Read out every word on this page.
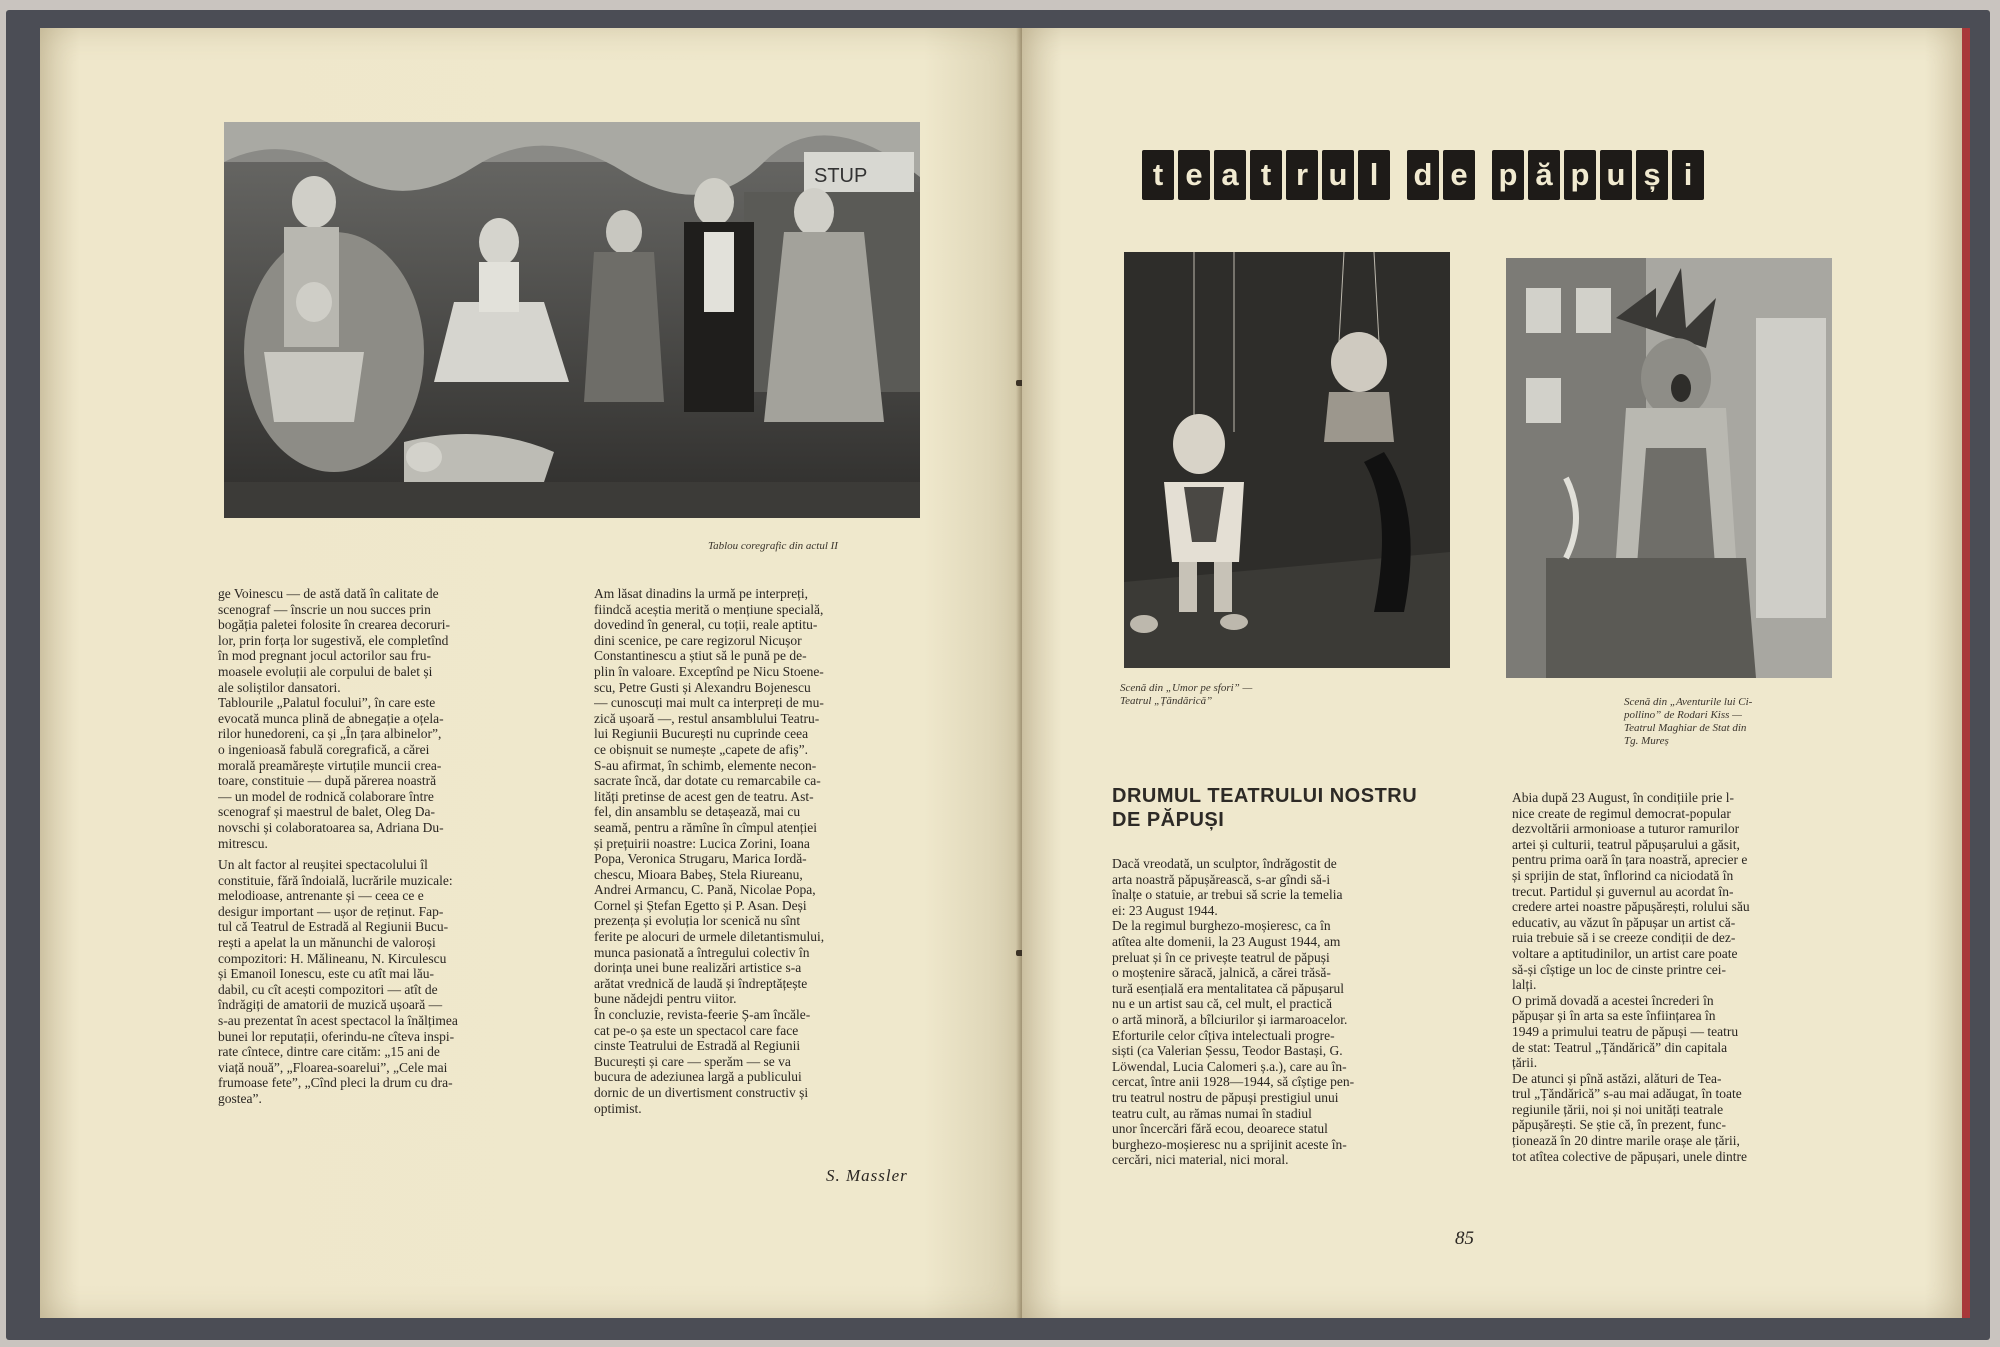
STUP

Tablou coregrafic din actul II

ge Voinescu — de astă dată în calitate de
scenograf — înscrie un nou succes prin
bogăția paletei folosite în crearea decoruri-
lor, prin forța lor sugestivă, ele completînd
în mod pregnant jocul actorilor sau fru-
moasele evoluții ale corpului de balet și
ale soliștilor dansatori.
Tablourile „Palatul focului”, în care este
evocată munca plină de abnegație a oțela-
rilor hunedoreni, ca și „În țara albinelor”,
o ingenioasă fabulă coregrafică, a cărei
morală preamărește virtuțile muncii crea-
toare, constituie — după părerea noastră
— un model de rodnică colaborare între
scenograf și maestrul de balet, Oleg Da-
novschi și colaboratoarea sa, Adriana Du-
mitrescu.
Un alt factor al reușitei spectacolului îl
constituie, fără îndoială, lucrările muzicale:
melodioase, antrenante și — ceea ce e
desigur important — ușor de reținut. Fap-
tul că Teatrul de Estradă al Regiunii Bucu-
rești a apelat la un mănunchi de valoroși
compozitori: H. Mălineanu, N. Kirculescu
și Emanoil Ionescu, este cu atît mai lău-
dabil, cu cît acești compozitori — atît de
îndrăgiți de amatorii de muzică ușoară —
s-au prezentat în acest spectacol la înălțimea
bunei lor reputații, oferindu-ne cîteva inspi-
rate cîntece, dintre care cităm: „15 ani de
viață nouă”, „Floarea-soarelui”, „Cele mai
frumoase fete”, „Cînd pleci la drum cu dra-
gostea”.
Am lăsat dinadins la urmă pe interpreți,
fiindcă aceștia merită o mențiune specială,
dovedind în general, cu toții, reale aptitu-
dini scenice, pe care regizorul Nicușor
Constantinescu a știut să le pună pe de-
plin în valoare. Exceptînd pe Nicu Stoene-
scu, Petre Gusti și Alexandru Bojenescu
— cunoscuți mai mult ca interpreți de mu-
zică ușoară —, restul ansamblului Teatru-
lui Regiunii București nu cuprinde ceea
ce obișnuit se numește „capete de afiș”.
S-au afirmat, în schimb, elemente necon-
sacrate încă, dar dotate cu remarcabile ca-
lități pretinse de acest gen de teatru. Ast-
fel, din ansamblu se detașează, mai cu
seamă, pentru a rămîne în cîmpul atenției
și prețuirii noastre: Lucica Zorini, Ioana
Popa, Veronica Strugaru, Marica Iordă-
chescu, Mioara Babeș, Stela Riureanu,
Andrei Armancu, C. Pană, Nicolae Popa,
Cornel și Ștefan Egetto și P. Asan. Deși
prezența și evoluția lor scenică nu sînt
ferite pe alocuri de urmele diletantismului,
munca pasionată a întregului colectiv în
dorința unei bune realizări artistice s-a
arătat vrednică de laudă și îndreptățește
bune nădejdi pentru viitor.
În concluzie, revista-feerie Ș-am încăle-
cat pe-o șa este un spectacol care face
cinste Teatrului de Estradă al Regiunii
București și care — sperăm — se va
bucura de adeziunea largă a publicului
dornic de un divertisment constructiv și
optimist.
S. Massler
t e a t r u l	d e p ă p u ș i

Scenă din „Umor pe sfori” —
Teatrul „Țăndărică”	Scenă din „Aventurile lui Ci-
pollino” de Rodari Kiss —
Teatrul Maghiar de Stat din
Tg. Mureș

DRUMUL TEATRULUI NOSTRU
DE PĂPUȘI
Dacă vreodată, un sculptor, îndrăgostit de
arta noastră păpușărească, s-ar gîndi să-i
înalțe o statuie, ar trebui să scrie la temelia
ei: 23 August 1944.
De la regimul burghezo-moșieresc, ca în
atîtea alte domenii, la 23 August 1944, am
preluat și în ce privește teatrul de păpuși
o moștenire săracă, jalnică, a cărei trăsă-
tură esențială era mentalitatea că păpușarul
nu e un artist sau că, cel mult, el practică
o artă minoră, a bîlciurilor și iarmaroacelor.
Eforturile celor cîțiva intelectuali progre-
siști (ca Valerian Șessu, Teodor Bastași, G.
Löwendal, Lucia Calomeri ș.a.), care au în-
cercat, între anii 1928—1944, să cîștige pen-
tru teatrul nostru de păpuși prestigiul unui
teatru cult, au rămas numai în stadiul
unor încercări fără ecou, deoarece statul
burghezo-moșieresc nu a sprijinit aceste în-
cercări, nici material, nici moral.
Abia după 23 August, în condițiile prie l-
nice create de regimul democrat-popular
dezvoltării armonioase a tuturor ramurilor
artei și culturii, teatrul păpușarului a găsit,
pentru prima oară în țara noastră, aprecier e
și sprijin de stat, înflorind ca niciodată în
trecut. Partidul și guvernul au acordat în-
credere artei noastre păpușărești, rolului său
educativ, au văzut în păpușar un artist că-
ruia trebuie să i se creeze condiții de dez-
voltare a aptitudinilor, un artist care poate
să-și cîștige un loc de cinste printre cei-
lalți.
O primă dovadă a acestei încrederi în
păpușar și în arta sa este înființarea în
1949 a primului teatru de păpuși — teatru
de stat: Teatrul „Țăndărică” din capitala
țării.
De atunci și pînă astăzi, alături de Tea-
trul „Țăndărică” s-au mai adăugat, în toate
regiunile țării, noi și noi unități teatrale
păpușărești. Se știe că, în prezent, func-
ționează în 20 dintre marile orașe ale țării,
tot atîtea colective de păpușari, unele dintre
85
